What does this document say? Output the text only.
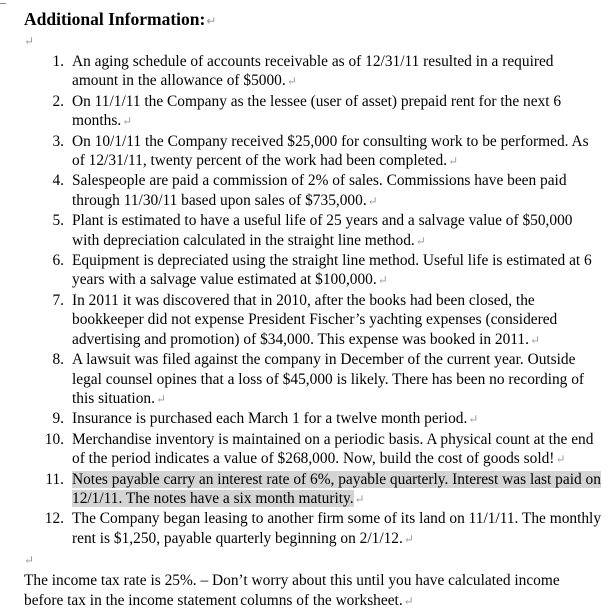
Additional Information:↵
↵
1. An aging schedule of accounts receivable as of 12/31/11 resulted in a required amount in the allowance of $5000.↵
2. On 11/1/11 the Company as the lessee (user of asset) prepaid rent for the next 6 months.↵
3. On 10/1/11 the Company received $25,000 for consulting work to be performed. As of 12/31/11, twenty percent of the work had been completed.↵
4. Salespeople are paid a commission of 2% of sales. Commissions have been paid through 11/30/11 based upon sales of $735,000.↵
5. Plant is estimated to have a useful life of 25 years and a salvage value of $50,000 with depreciation calculated in the straight line method.↵
6. Equipment is depreciated using the straight line method. Useful life is estimated at 6 years with a salvage value estimated at $100,000.↵
7. In 2011 it was discovered that in 2010, after the books had been closed, the bookkeeper did not expense President Fischer’s yachting expenses (considered advertising and promotion) of $34,000. This expense was booked in 2011.↵
8. A lawsuit was filed against the company in December of the current year. Outside legal counsel opines that a loss of $45,000 is likely. There has been no recording of this situation.↵
9. Insurance is purchased each March 1 for a twelve month period.↵
10. Merchandise inventory is maintained on a periodic basis. A physical count at the end of the period indicates a value of $268,000. Now, build the cost of goods sold!↵
11. Notes payable carry an interest rate of 6%, payable quarterly. Interest was last paid on 12/1/11. The notes have a six month maturity.↵
12. The Company began leasing to another firm some of its land on 11/1/11. The monthly rent is $1,250, payable quarterly beginning on 2/1/12.↵
↵
The income tax rate is 25%. – Don’t worry about this until you have calculated income before tax in the income statement columns of the worksheet.↵
